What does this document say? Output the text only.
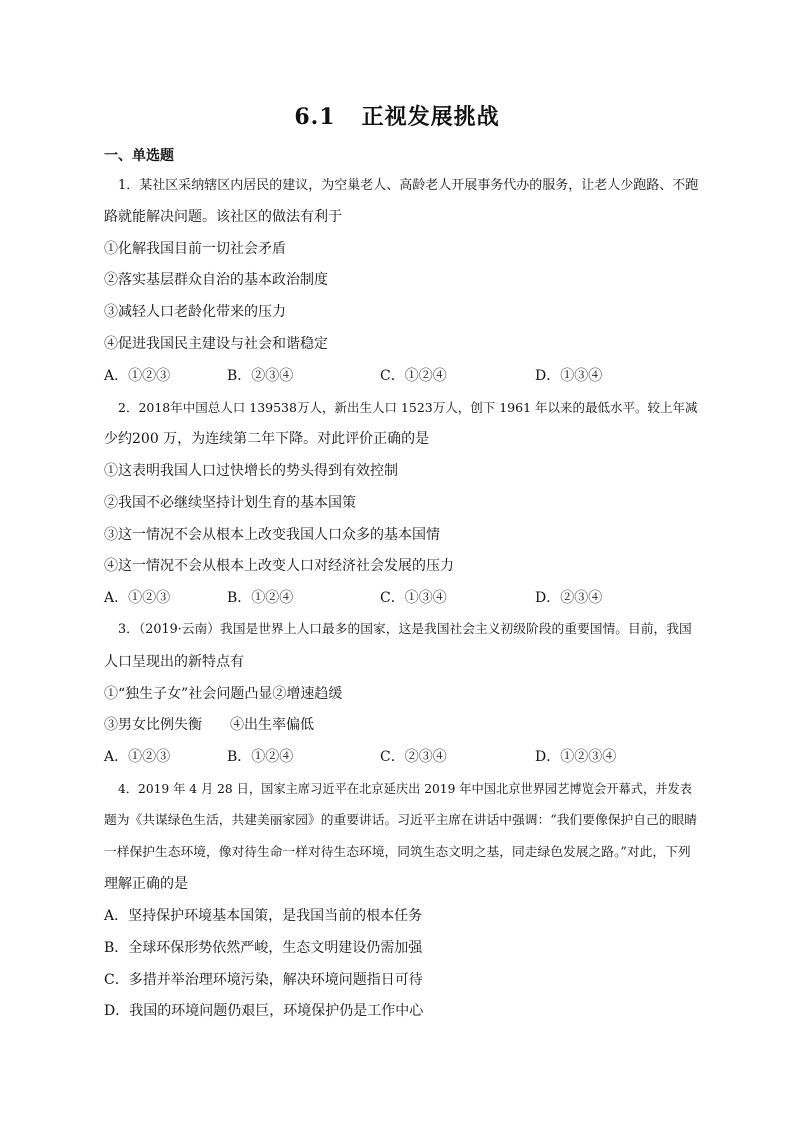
6.1 正视发展挑战
一、单选题
1．某社区采纳辖区内居民的建议，为空巢老人、高龄老人开展事务代办的服务，让老人少跑路、不跑
路就能解决问题。该社区的做法有利于
①化解我国目前一切社会矛盾
②落实基层群众自治的基本政治制度
③减轻人口老龄化带来的压力
④促进我国民主建设与社会和谐稳定
A．①②③	B．②③④	C．①②④	D．①③④
2．2018年中国总人口 139538万人，新出生人口 1523万人，创下 1961 年以来的最低水平。较上年减
少约200 万，为连续第二年下降。对此评价正确的是
①这表明我国人口过快增长的势头得到有效控制
②我国不必继续坚持计划生育的基本国策
③这一情况不会从根本上改变我国人口众多的基本国情
④这一情况不会从根本上改变人口对经济社会发展的压力
A．①②③	B．①②④	C．①③④	D．②③④
3．（2019·云南）我国是世界上人口最多的国家，这是我国社会主义初级阶段的重要国情。目前，我国
人口呈现出的新特点有
①“独生子女”社会问题凸显②增速趋缓
③男女比例失衡　　④出生率偏低
A．①②③	B．①②④	C．②③④	D．①②③④
4．2019 年 4 月 28 日，国家主席习近平在北京延庆出 2019 年中国北京世界园艺博览会开幕式，并发表
题为《共谋绿色生活，共建美丽家园》的重要讲话。习近平主席在讲话中强调：“我们要像保护自己的眼睛
一样保护生态环境，像对待生命一样对待生态环境，同筑生态文明之基，同走绿色发展之路。”对此，下列
理解正确的是
A．坚持保护环境基本国策，是我国当前的根本任务
B．全球环保形势依然严峻，生态文明建设仍需加强
C．多措并举治理环境污染，解决环境问题指日可待
D．我国的环境问题仍艰巨，环境保护仍是工作中心
